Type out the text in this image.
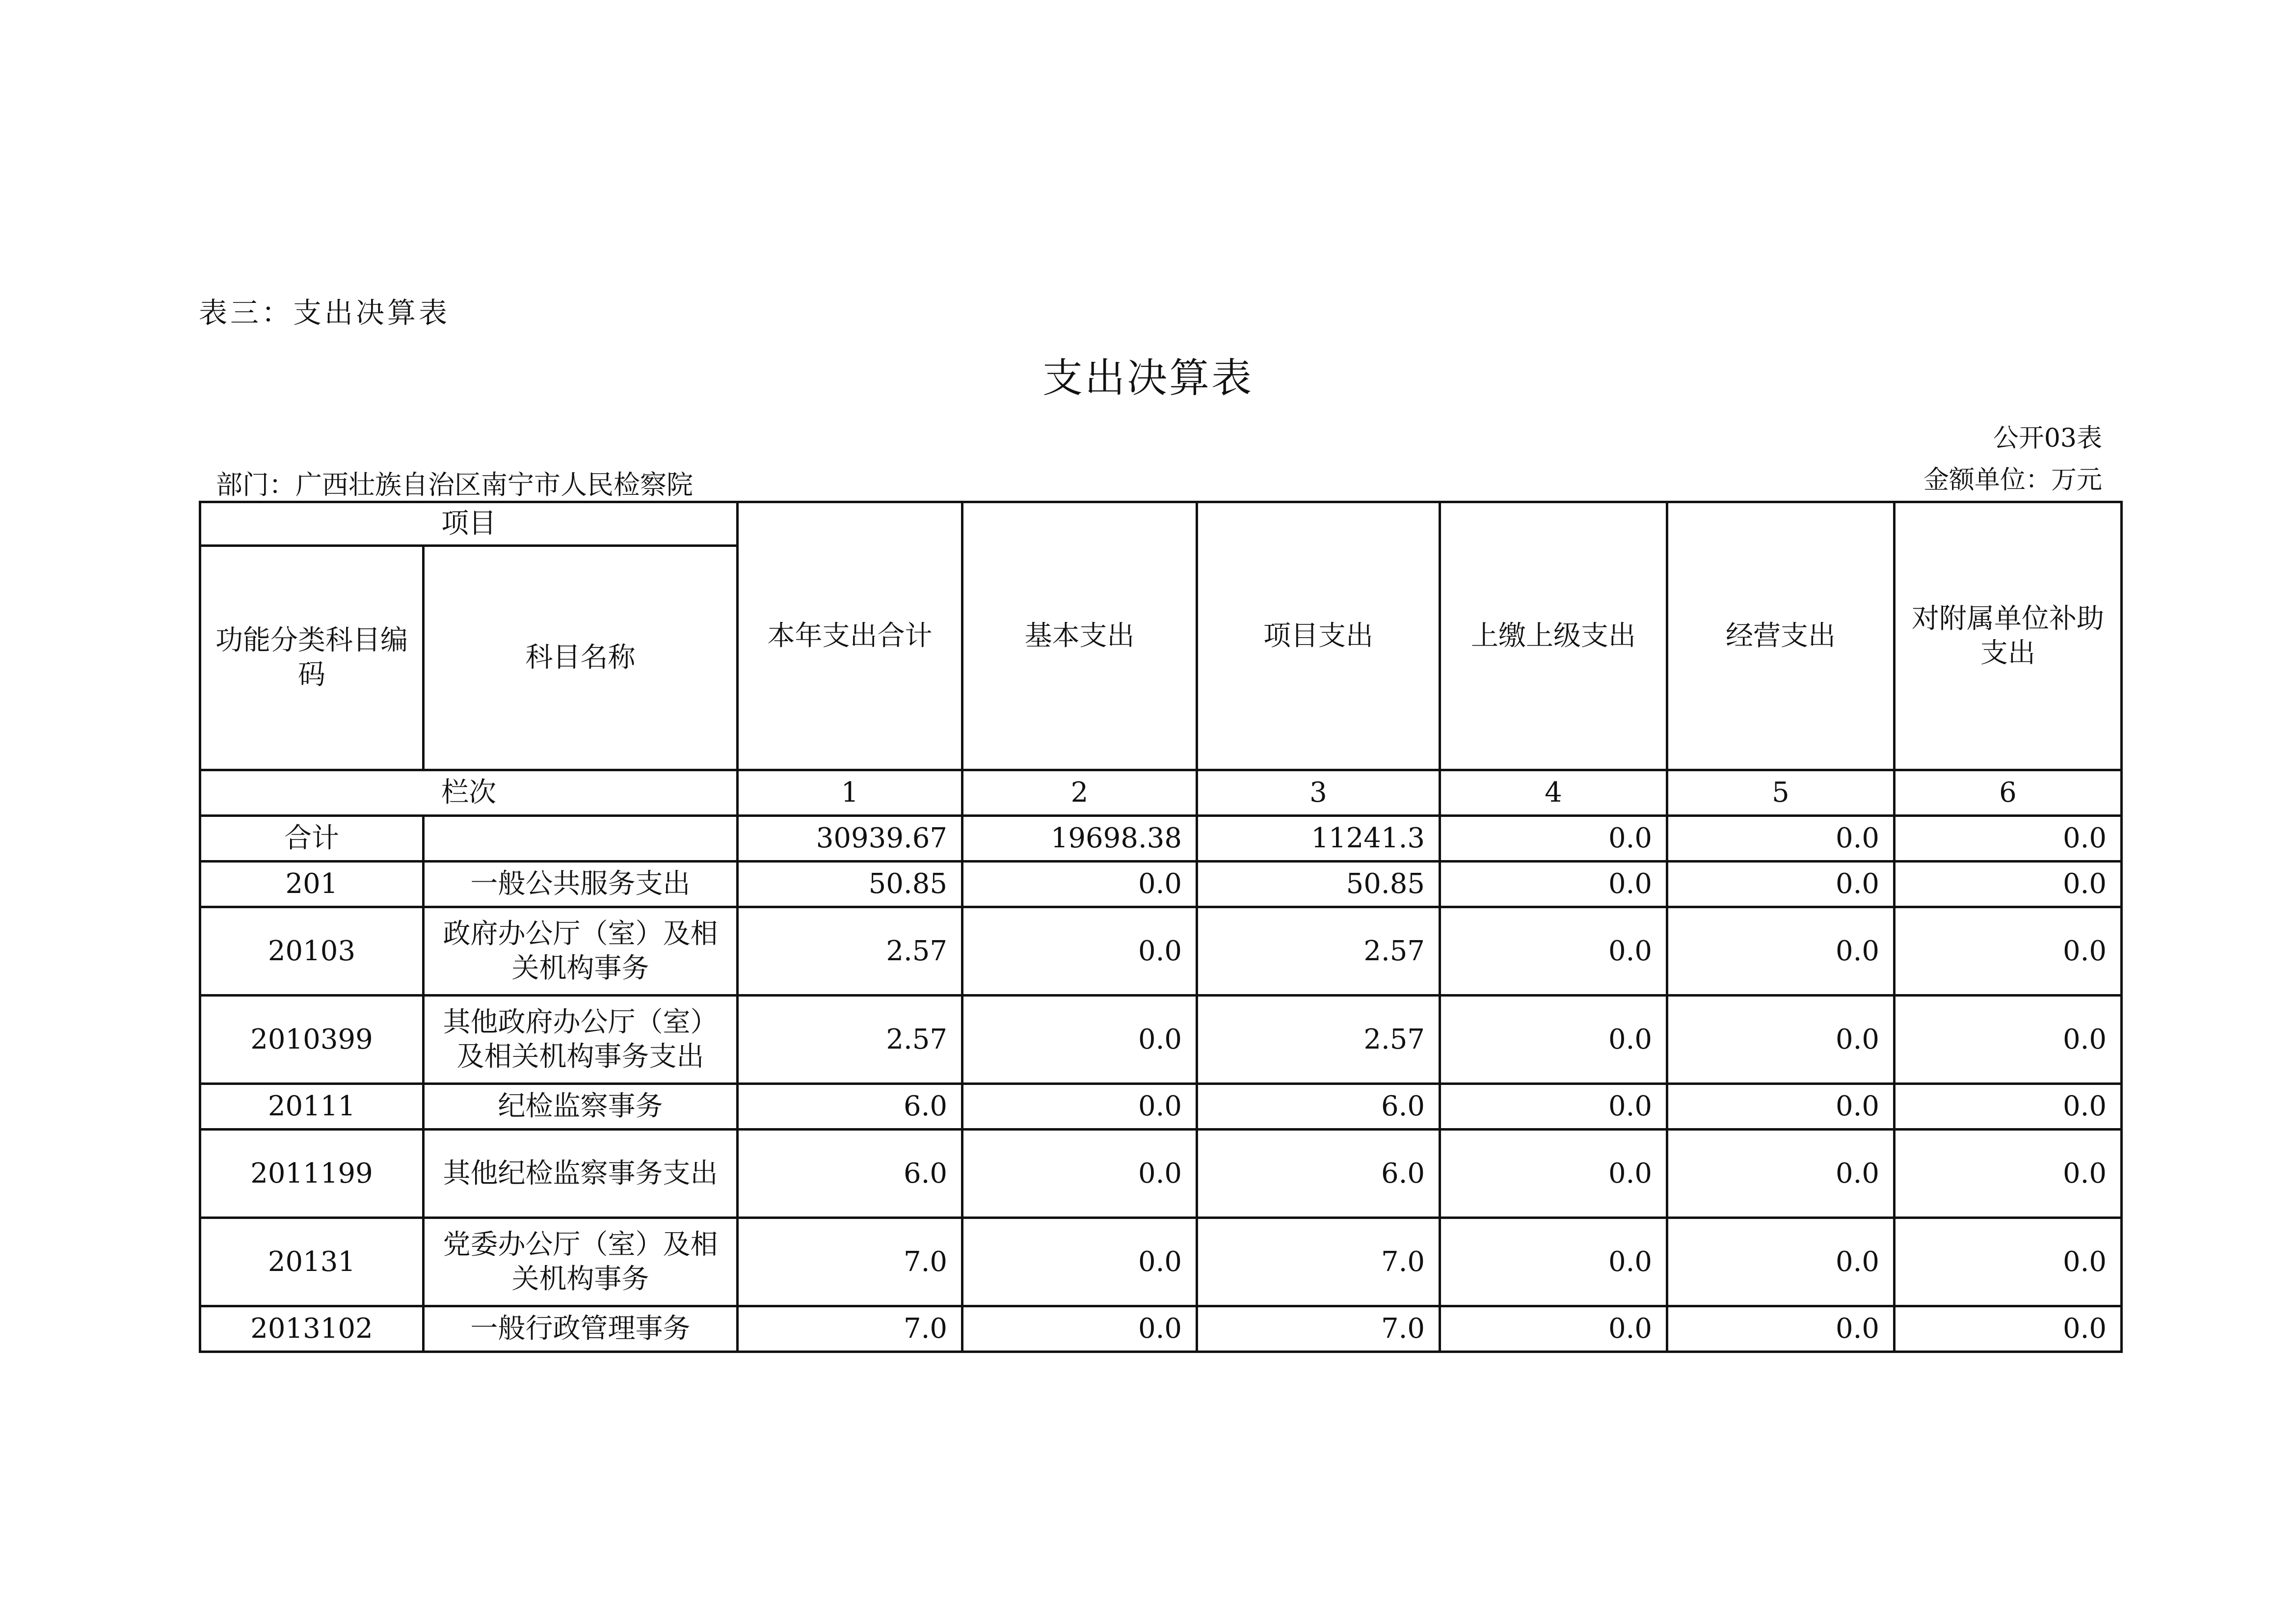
表三：支出决算表
支出决算表
公开03表
部门：广西壮族自治区南宁市人民检察院	金额单位：万元
项目		本年支出合计	基本支出	项目支出	上缴上级支出	经营支出	对附属单位补助支出
功能分类科目编码	科目名称						
栏次		1	2	3	4	5	6
合计		30939.67	19698.38	11241.3	0.0	0.0	0.0
201	一般公共服务支出	50.85	0.0	50.85	0.0	0.0	0.0
20103	政府办公厅（室）及相关机构事务	2.57	0.0	2.57	0.0	0.0	0.0
2010399	其他政府办公厅（室）及相关机构事务支出	2.57	0.0	2.57	0.0	0.0	0.0
20111	纪检监察事务	6.0	0.0	6.0	0.0	0.0	0.0
2011199	其他纪检监察事务支出	6.0	0.0	6.0	0.0	0.0	0.0
20131	党委办公厅（室）及相关机构事务	7.0	0.0	7.0	0.0	0.0	0.0
2013102	一般行政管理事务	7.0	0.0	7.0	0.0	0.0	0.0
